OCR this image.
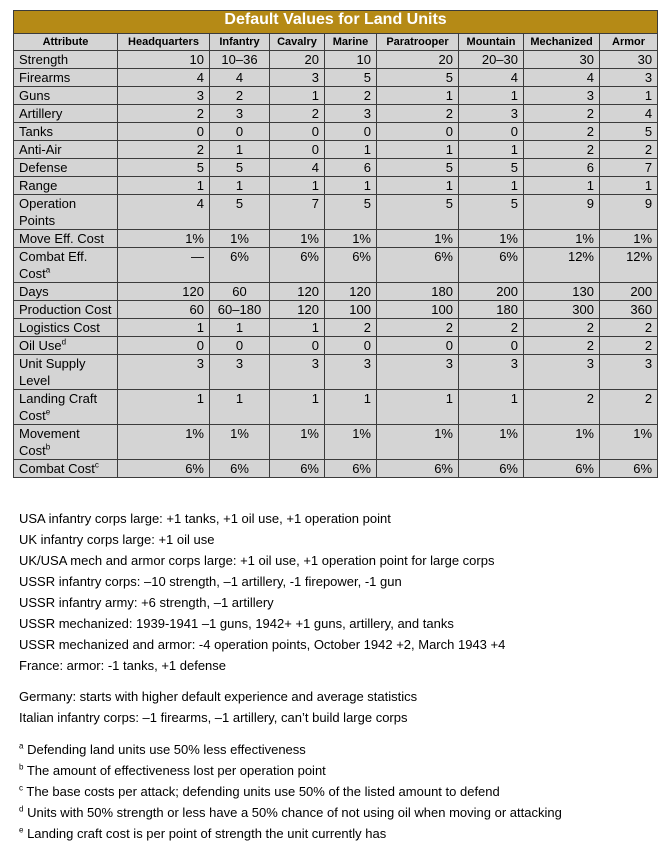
Default Values for Land Units								
Attribute	Headquarters	Infantry	Cavalry	Marine	Paratrooper	Mountain	Mechanized	Armor
Strength	10	10–36	20	10	20	20–30	30	30
Firearms	4	4	3	5	5	4	4	3
Guns	3	2	1	2	1	1	3	1
Artillery	2	3	2	3	2	3	2	4
Tanks	0	0	0	0	0	0	2	5
Anti-Air	2	1	0	1	1	1	2	2
Defense	5	5	4	6	5	5	6	7
Range	1	1	1	1	1	1	1	1
Operation Points	4	5	7	5	5	5	9	9
Move Eff. Cost	1%	1%	1%	1%	1%	1%	1%	1%
Combat Eff. Cost$^a$	—	6%	6%	6%	6%	6%	12%	12%
Days	120	60	120	120	180	200	130	200
Production Cost	60	60–180	120	100	100	180	300	360
Logistics Cost	1	1	1	2	2	2	2	2
Oil Use$^d$	0	0	0	0	0	0	2	2
Unit Supply Level	3	3	3	3	3	3	3	3
Landing Craft Cost$^e$	1	1	1	1	1	1	2	2
Movement Cost$^b$	1%	1%	1%	1%	1%	1%	1%	1%
Combat Cost$^c$	6%	6%	6%	6%	6%	6%	6%	6%
USA infantry corps large: +1 tanks, +1 oil use, +1 operation point
UK infantry corps large: +1 oil use
UK/USA mech and armor corps large: +1 oil use, +1 operation point for large corps
USSR infantry corps: –10 strength, –1 artillery, -1 firepower, -1 gun
USSR infantry army: +6 strength, –1 artillery
USSR mechanized: 1939-1941 –1 guns, 1942+ +1 guns, artillery, and tanks
USSR mechanized and armor: -4 operation points, October 1942 +2, March 1943 +4
France: armor: -1 tanks, +1 defense
Germany: starts with higher default experience and average statistics
Italian infantry corps: –1 firearms, –1 artillery, can’t build large corps
$^a$ Defending land units use 50% less effectiveness
$^b$ The amount of effectiveness lost per operation point
$^c$ The base costs per attack; defending units use 50% of the listed amount to defend
$^d$ Units with 50% strength or less have a 50% chance of not using oil when moving or attacking
$^e$ Landing craft cost is per point of strength the unit currently has
